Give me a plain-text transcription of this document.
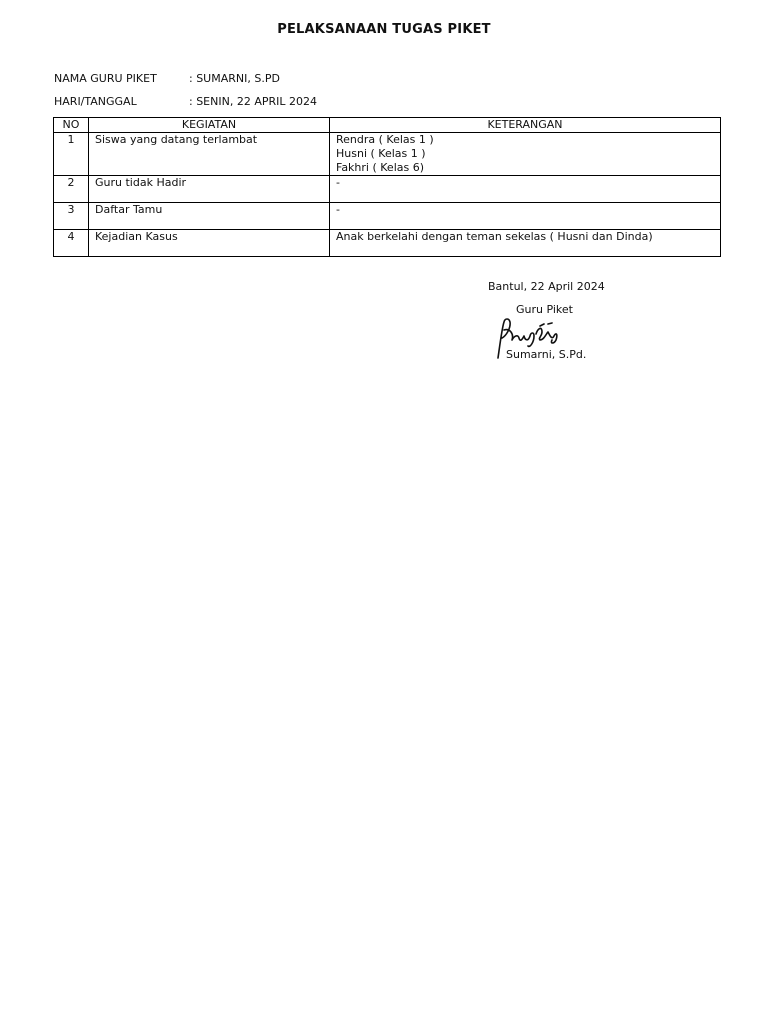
PELAKSANAAN TUGAS PIKET
NAMA GURU PIKET	: SUMARNI, S.PD
HARI/TANGGAL	: SENIN, 22 APRIL 2024
NO	KEGIATAN	KETERANGAN
1	Siswa yang datang terlambat	Rendra ( Kelas 1 )
Husni ( Kelas 1 )
Fakhri ( Kelas 6)

2	Guru tidak Hadir	-

3	Daftar Tamu	-

4	Kejadian Kasus	Anak berkelahi dengan teman sekelas ( Husni dan Dinda)
Bantul, 22 April 2024
Guru Piket
Sumarni, S.Pd.
